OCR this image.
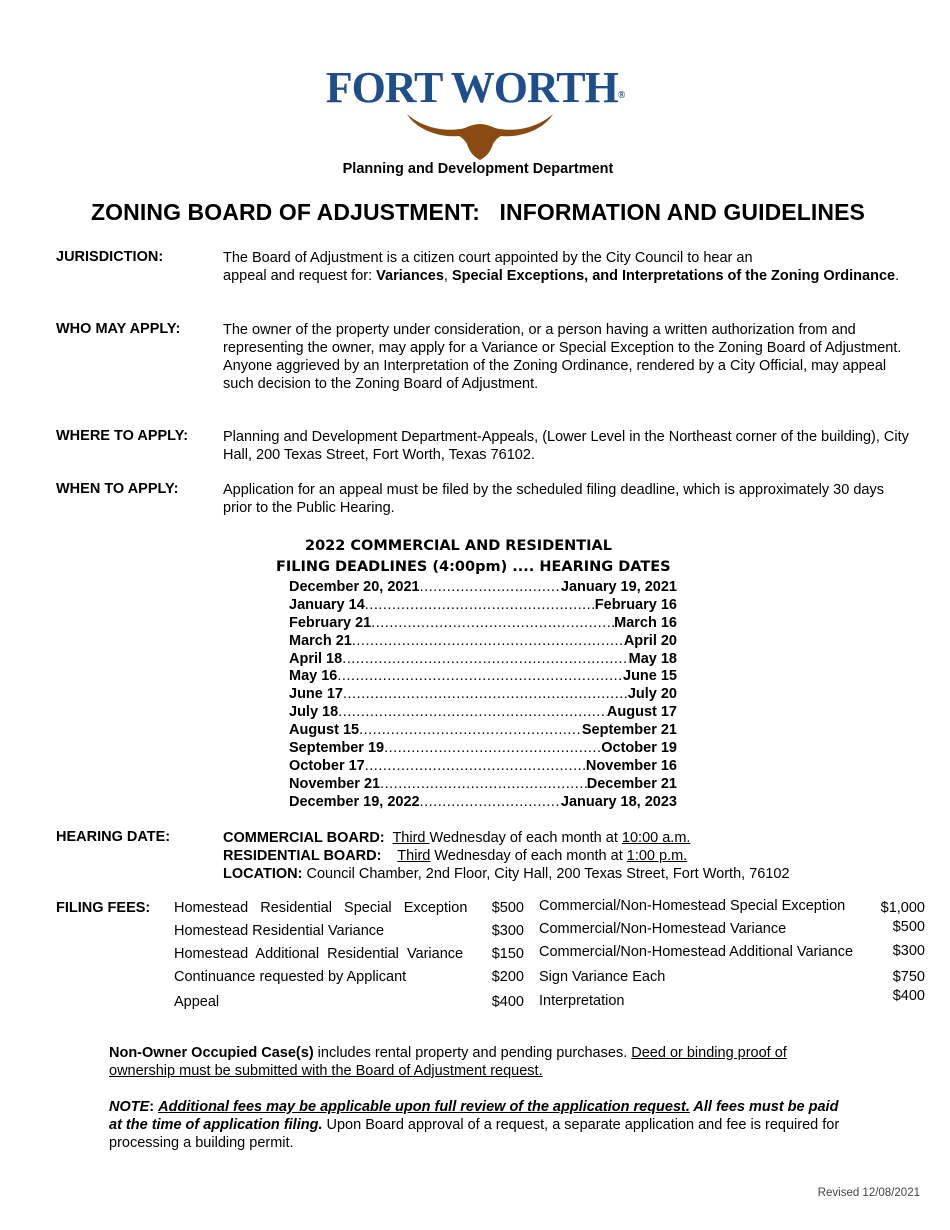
FORT WORTH®
Planning and Development Department
ZONING BOARD OF ADJUSTMENT:   INFORMATION AND GUIDELINES
JURISDICTION:	The Board of Adjustment is a citizen court appointed by the City Council to hear an
appeal and request for: Variances, Special Exceptions, and Interpretations of the Zoning Ordinance.
WHO MAY APPLY:	The owner of the property under consideration, or a person having a written authorization from and representing the owner, may apply for a Variance or Special Exception to the Zoning Board of Adjustment.
Anyone aggrieved by an Interpretation of the Zoning Ordinance, rendered by a City Official, may appeal such decision to the Zoning Board of Adjustment.
WHERE TO APPLY: Planning and Development Department-Appeals, (Lower Level in the Northeast corner of the building), City Hall, 200 Texas Street, Fort Worth, Texas 76102.
WHEN TO APPLY:	Application for an appeal must be filed by the scheduled filing deadline, which is approximately 30 days prior to the Public Hearing.
2022 COMMERCIAL AND RESIDENTIAL
FILING DEADLINES (4:00pm) .... HEARING DATES
December 20, 2021 .....	January 19, 2021
January 14 .....	February 16
February 21 .....	March 16
March 21 .....	April 20
April 18 .....	May 18
May 16 .....	June 15
June 17 .....	July 20
July 18 .....	August 17
August 15 .....	September 21
September 19 .....	October 19
October 17 .....	November 16
November 21 .....	December 21
December 19, 2022 .....	January 18, 2023
HEARING DATE:	COMMERCIAL BOARD: Third Wednesday of each month at 10:00 a.m.
RESIDENTIAL BOARD: Third Wednesday of each month at 1:00 p.m.
LOCATION: Council Chamber, 2nd Floor, City Hall, 200 Texas Street, Fort Worth, 76102
FILING FEES: Homestead   Residential   Special   Exception $500
Homestead Residential Variance	$300
Homestead  Additional  Residential  Variance $150
Continuance requested by Applicant	$200
Appeal	$400
Commercial/Non-Homestead Special Exception $1,000
Commercial/Non-Homestead Variance	$500
Commercial/Non-Homestead Additional Variance	$300
Sign Variance Each	$750
Interpretation	$400
Non-Owner Occupied Case(s) includes rental property and pending purchases. Deed or binding proof of ownership must be submitted with the Board of Adjustment request.
NOTE: Additional fees may be applicable upon full review of the application request. All fees must be paid at the time of application filing. Upon Board approval of a request, a separate application and fee is required for processing a building permit.
Revised 12/08/2021
